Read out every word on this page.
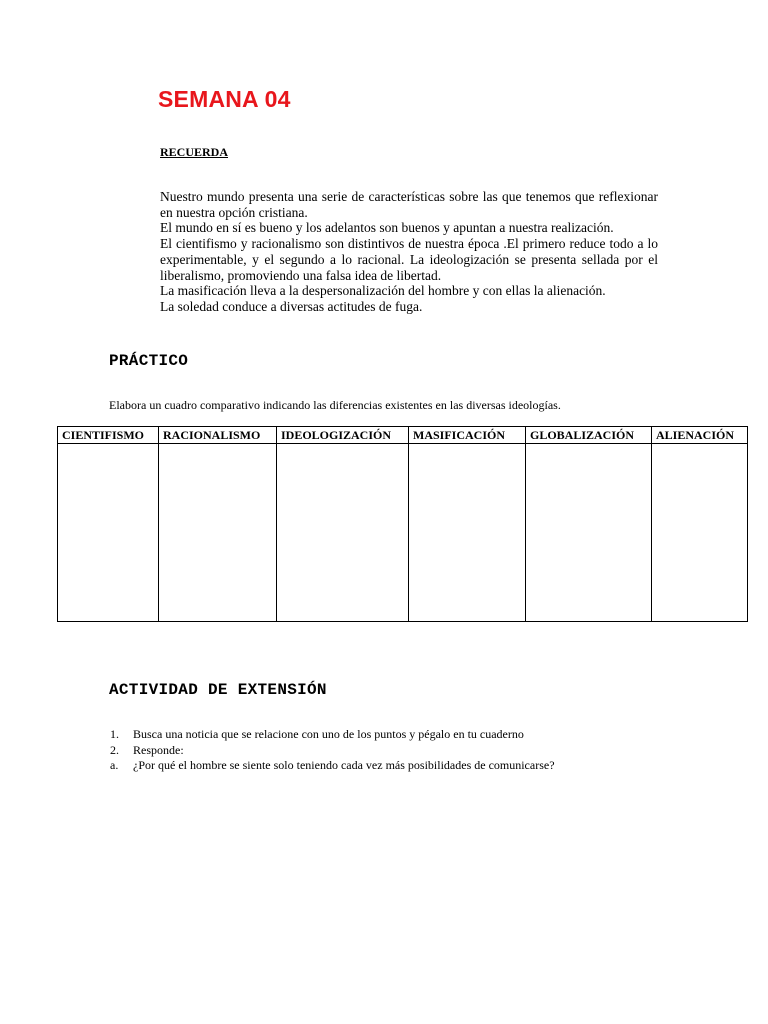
SEMANA 04
RECUERDA
Nuestro mundo presenta una serie de características sobre las que tenemos que reflexionar en nuestra opción cristiana.
El mundo en sí es bueno y los adelantos son buenos y apuntan a nuestra realización.
El cientifismo y racionalismo son distintivos de nuestra época .El primero reduce todo a lo experimentable, y el segundo a lo racional. La ideologización se presenta sellada por el liberalismo, promoviendo una falsa idea de libertad.
La masificación lleva a la despersonalización del hombre y con ellas la alienación.
La soledad conduce a diversas actitudes de fuga.
PRÁCTICO
Elabora un cuadro comparativo indicando las diferencias existentes en las diversas ideologías.
CIENTIFISMO	RACIONALISMO	IDEOLOGIZACIÓN	MASIFICACIÓN	GLOBALIZACIÓN	ALIENACIÓN

ACTIVIDAD DE EXTENSIÓN
1.	Busca una noticia que se relacione con uno de los puntos y pégalo en tu cuaderno
2.	Responde:
a.	¿Por qué el hombre se siente solo teniendo cada vez más posibilidades de comunicarse?
